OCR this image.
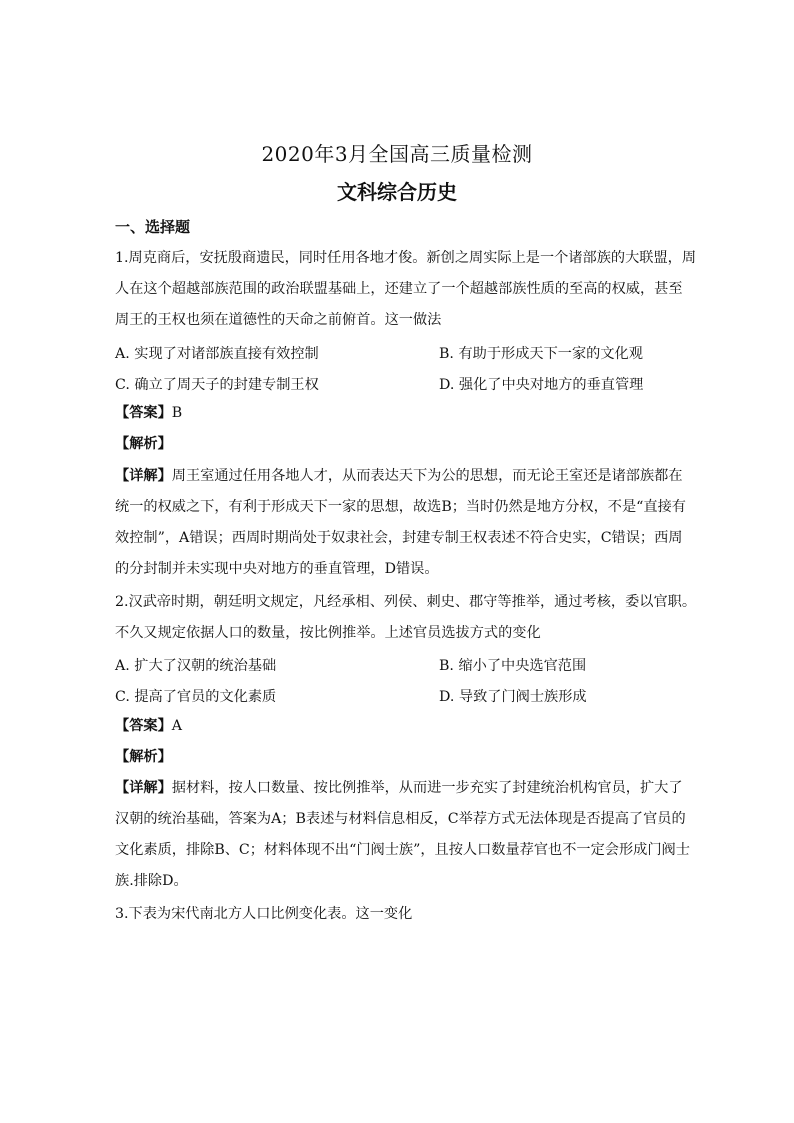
2020年3月全国高三质量检测
文科综合历史
一、选择题
1.周克商后，安抚殷商遗民，同时任用各地才俊。新创之周实际上是一个诸部族的大联盟，周
人在这个超越部族范围的政治联盟基础上，还建立了一个超越部族性质的至高的权威，甚至
周王的王权也须在道德性的天命之前俯首。这一做法
A. 实现了对诸部族直接有效控制	B. 有助于形成天下一家的文化观
C. 确立了周天子的封建专制王权	D. 强化了中央对地方的垂直管理
【答案】B
【解析】
【详解】周王室通过任用各地人才，从而表达天下为公的思想，而无论王室还是诸部族都在
统一的权威之下，有利于形成天下一家的思想，故选B；当时仍然是地方分权，不是“直接有
效控制”，A错误；西周时期尚处于奴隶社会，封建专制王权表述不符合史实，C错误；西周
的分封制并未实现中央对地方的垂直管理，D错误。
2.汉武帝时期，朝廷明文规定，凡经承相、列侯、刺史、郡守等推举，通过考核，委以官职。
不久又规定依据人口的数量，按比例推举。上述官员选拔方式的变化
A. 扩大了汉朝的统治基础	B. 缩小了中央选官范围
C. 提高了官员的文化素质	D. 导致了门阀士族形成
【答案】A
【解析】
【详解】据材料，按人口数量、按比例推举，从而进一步充实了封建统治机构官员，扩大了
汉朝的统治基础，答案为A；B表述与材料信息相反，C举荐方式无法体现是否提高了官员的
文化素质，排除B、C；材料体现不出“门阀士族”，且按人口数量荐官也不一定会形成门阀士
族.排除D。
3.下表为宋代南北方人口比例变化表。这一变化
